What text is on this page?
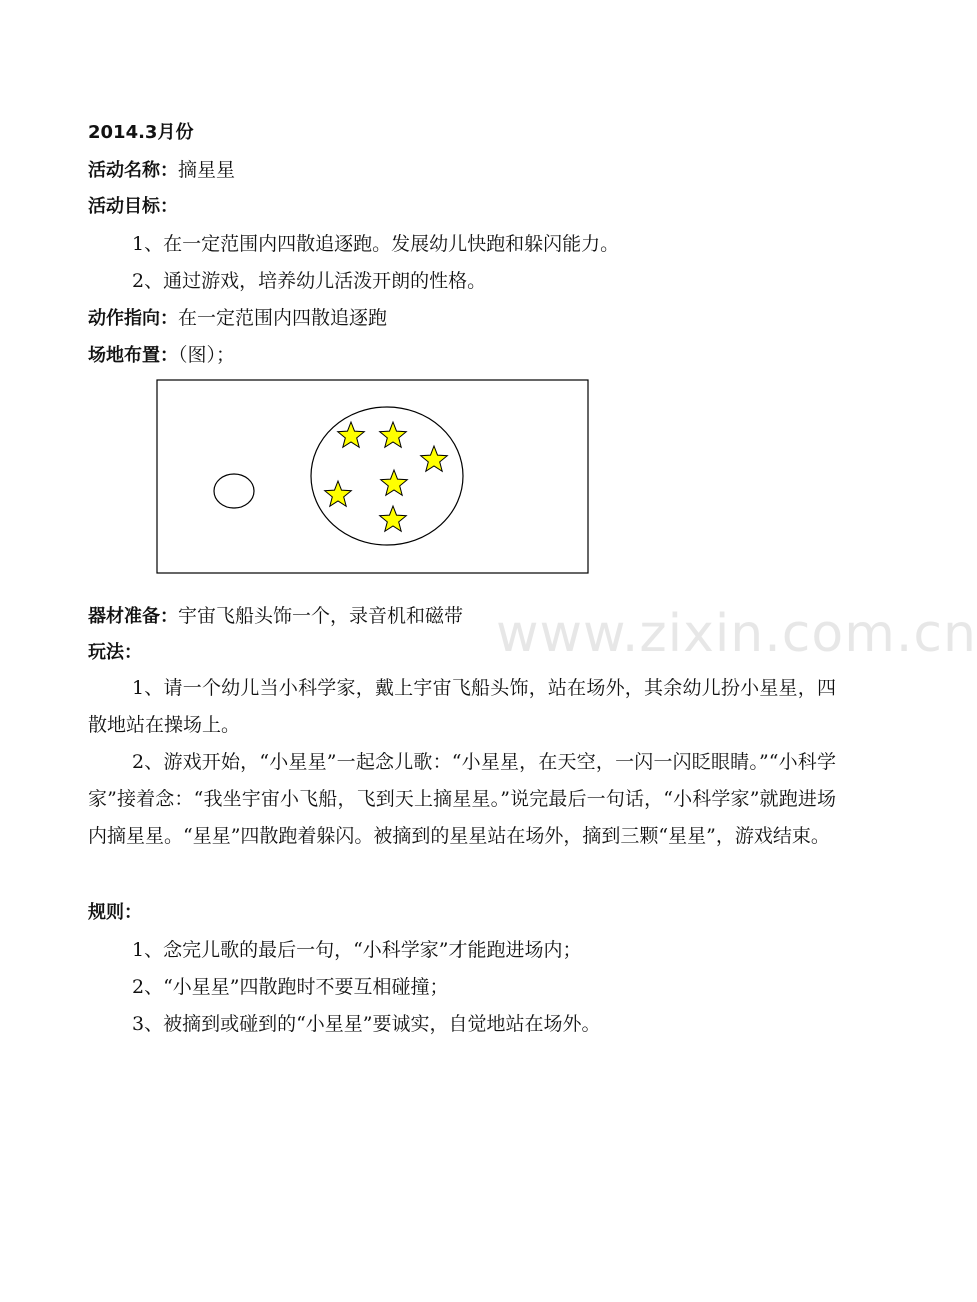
2014.3月份
活动名称：摘星星
活动目标：
1、在一定范围内四散追逐跑。发展幼儿快跑和躲闪能力。
2、通过游戏，培养幼儿活泼开朗的性格。
动作指向：在一定范围内四散追逐跑
场地布置：（图）；
www.zixin.com.cn
器材准备：宇宙飞船头饰一个，录音机和磁带
玩法：
1、请一个幼儿当小科学家，戴上宇宙飞船头饰，站在场外，其余幼儿扮小星星，四散地站在操场上。
2、游戏开始，“小星星”一起念儿歌：“小星星，在天空，一闪一闪眨眼睛。”“小科学家”接着念：“我坐宇宙小飞船，飞到天上摘星星。”说完最后一句话，“小科学家”就跑进场内摘星星。“星星”四散跑着躲闪。被摘到的星星站在场外，摘到三颗“星星”，游戏结束。
规则：
1、念完儿歌的最后一句，“小科学家”才能跑进场内；
2、“小星星”四散跑时不要互相碰撞；
3、被摘到或碰到的“小星星”要诚实，自觉地站在场外。
